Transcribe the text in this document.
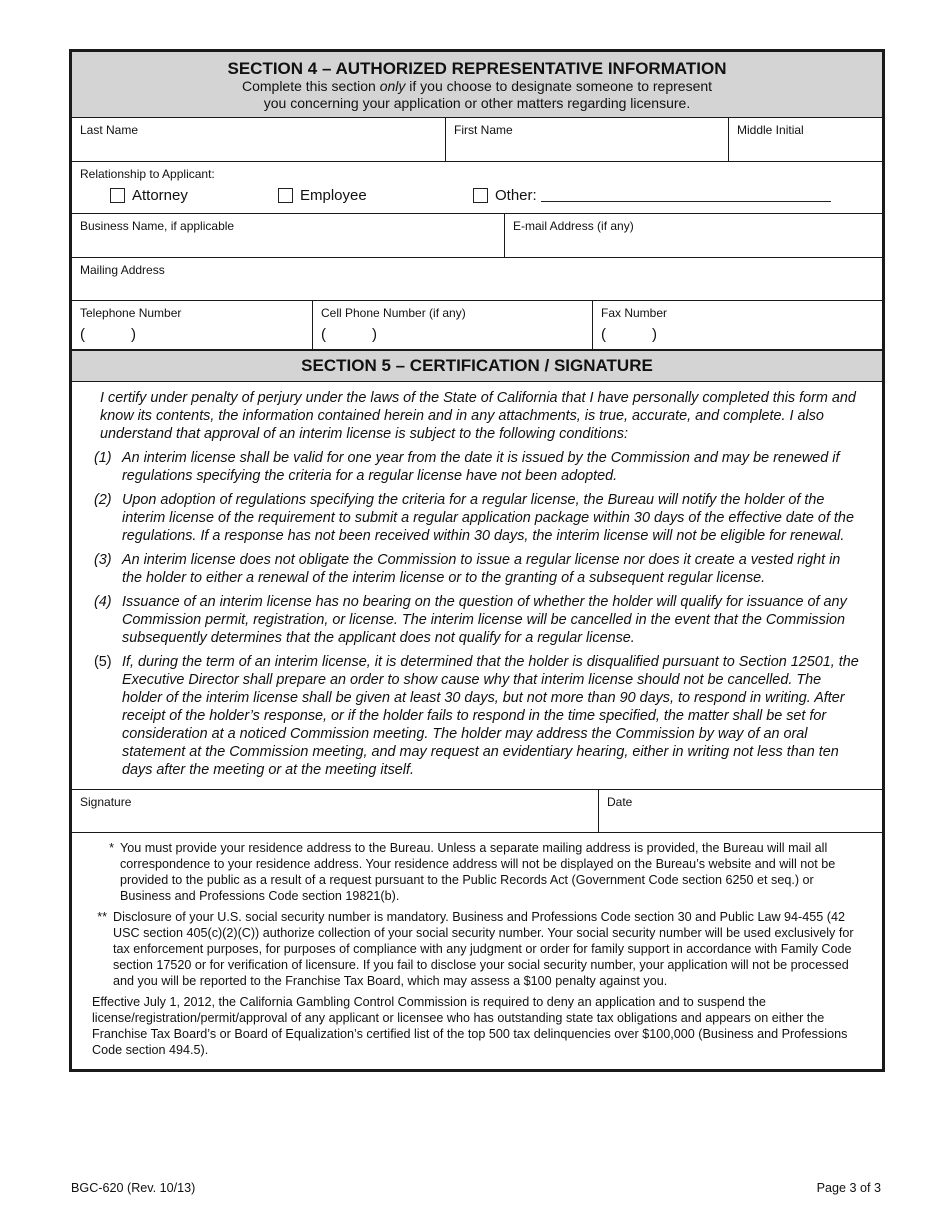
SECTION 4 – AUTHORIZED REPRESENTATIVE INFORMATION
Complete this section only if you choose to designate someone to represent
you concerning your application or other matters regarding licensure.
Last Name	First Name	Middle Initial
Relationship to Applicant:
Attorney	Employee	Other:
Business Name, if applicable	E-mail Address (if any)
Mailing Address
Telephone Number
(	)
Cell Phone Number (if any)
(	)
Fax Number
(	)
SECTION 5 – CERTIFICATION / SIGNATURE

I certify under penalty of perjury under the laws of the State of California that I have personally completed this form and know its contents, the information contained herein and in any attachments, is true, accurate, and complete. I also understand that approval of an interim license is subject to the following conditions:

(1) An interim license shall be valid for one year from the date it is issued by the Commission and may be renewed if regulations specifying the criteria for a regular license have not been adopted.
(2) Upon adoption of regulations specifying the criteria for a regular license, the Bureau will notify the holder of the interim license of the requirement to submit a regular application package within 30 days of the effective date of the regulations. If a response has not been received within 30 days, the interim license will not be eligible for renewal.
(3) An interim license does not obligate the Commission to issue a regular license nor does it create a vested right in the holder to either a renewal of the interim license or to the granting of a subsequent regular license.
(4) Issuance of an interim license has no bearing on the question of whether the holder will qualify for issuance of any Commission permit, registration, or license. The interim license will be cancelled in the event that the Commission subsequently determines that the applicant does not qualify for a regular license.
(5) If, during the term of an interim license, it is determined that the holder is disqualified pursuant to Section 12501, the Executive Director shall prepare an order to show cause why that interim license should not be cancelled. The holder of the interim license shall be given at least 30 days, but not more than 90 days, to respond in writing. After receipt of the holder’s response, or if the holder fails to respond in the time specified, the matter shall be set for consideration at a noticed Commission meeting. The holder may address the Commission by way of an oral statement at the Commission meeting, and may request an evidentiary hearing, either in writing not less than ten days after the meeting or at the meeting itself.
Signature	Date
* You must provide your residence address to the Bureau. Unless a separate mailing address is provided, the Bureau will mail all correspondence to your residence address. Your residence address will not be displayed on the Bureau’s website and will not be provided to the public as a result of a request pursuant to the Public Records Act (Government Code section 6250 et seq.) or Business and Professions Code section 19821(b).
** Disclosure of your U.S. social security number is mandatory. Business and Professions Code section 30 and Public Law 94-455 (42 USC section 405(c)(2)(C)) authorize collection of your social security number. Your social security number will be used exclusively for tax enforcement purposes, for purposes of compliance with any judgment or order for family support in accordance with Family Code section 17520 or for verification of licensure. If you fail to disclose your social security number, your application will not be processed and you will be reported to the Franchise Tax Board, which may assess a $100 penalty against you.
Effective July 1, 2012, the California Gambling Control Commission is required to deny an application and to suspend the license/registration/permit/approval of any applicant or licensee who has outstanding state tax obligations and appears on either the Franchise Tax Board’s or Board of Equalization’s certified list of the top 500 tax delinquencies over $100,000 (Business and Professions Code section 494.5).
BGC-620 (Rev. 10/13)	Page 3 of 3
